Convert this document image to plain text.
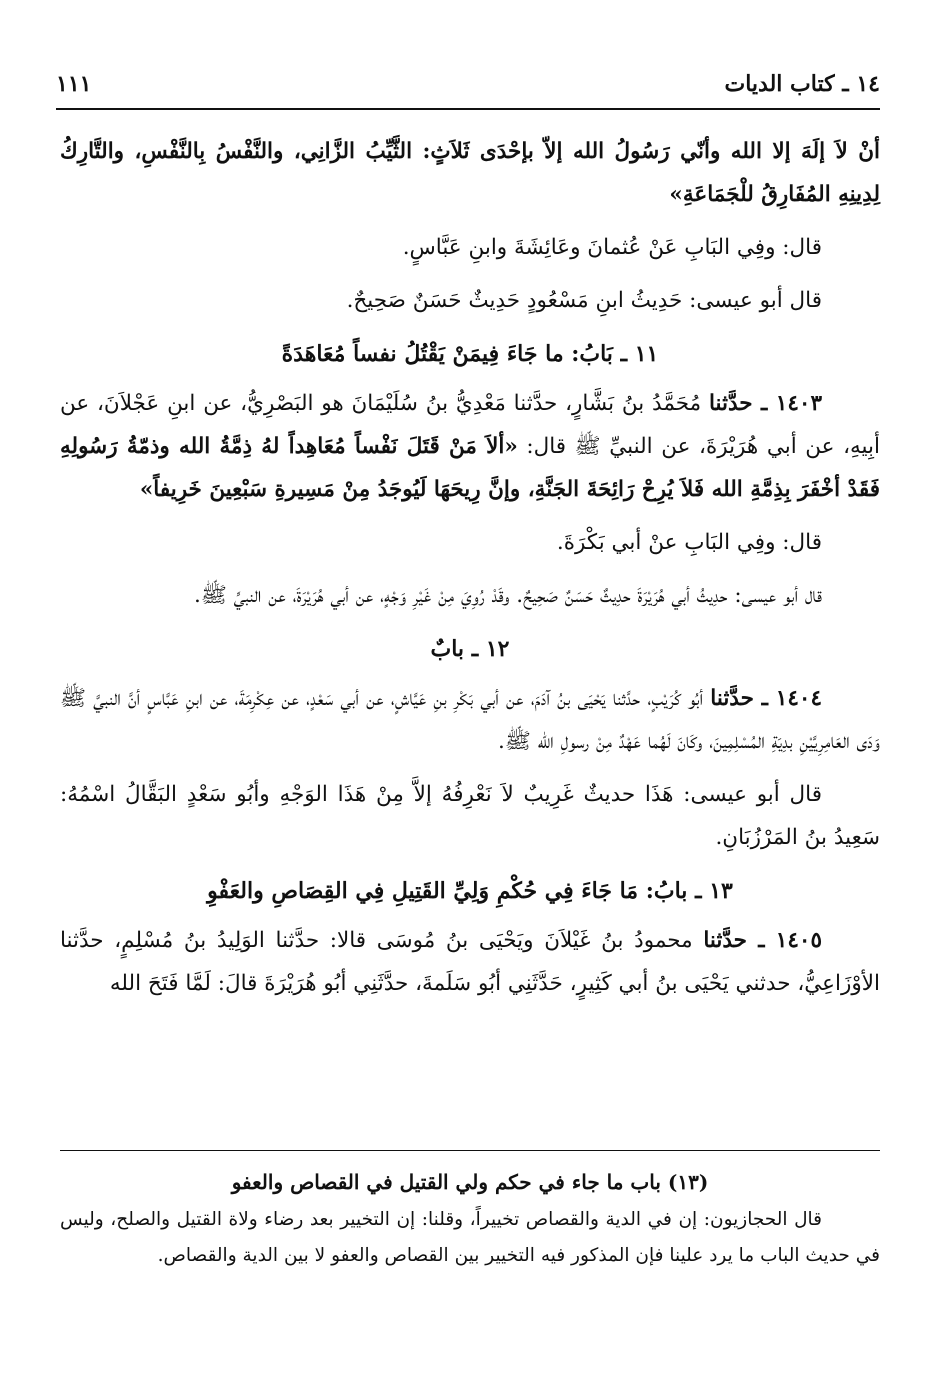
١٤ ـ كتاب الديات
١١١

أنْ لاَ إلَهَ إلا الله وأنّي رَسُولُ الله إلاّ بإحْدَى ثَلاَثٍ: الثَّيِّبُ الزَّانِي، والنَّفْسُ بِالنَّفْسِ، والتَّارِكُ لِدِينِهِ المُفَارِقُ للْجَمَاعَةِ»

قال: وفِي البَابِ عَنْ عُثمانَ وعَائِشَةَ وابنِ عَبَّاسٍ.

قال أبو عيسى: حَدِيثُ ابنِ مَسْعُودٍ حَدِيثٌ حَسَنٌ صَحِيحٌ.

١١ ـ بَابُ: ما جَاءَ فِيمَنْ يَقْتُلُ نفساً مُعَاهَدَةً

١٤٠٣ ـ حدَّثنا مُحَمَّدُ بنُ بَشَّارٍ، حدَّثنا مَعْدِيُّ بنُ سُلَيْمَانَ هو البَصْرِيُّ، عن ابنِ عَجْلاَنَ، عن أبِيهِ، عن أبي هُرَيْرَةَ، عن النبيِّ ﷺ قال: «ألاَ مَنْ قَتَلَ نَفْساً مُعَاهِداً لهُ ذِمَّةُ الله وذمّةُ رَسُولِهِ فَقَدْ أخْفَرَ بِذِمَّةِ الله فَلاَ يُرِحْ رَائِحَةَ الجَنَّةِ، وإنَّ رِيحَهَا لَيُوجَدُ مِنْ مَسِيرةِ سَبْعِينَ خَرِيفاً»

قال: وفِي البَابِ عنْ أبي بَكْرَةَ.

قال أبو عيسى: حدِيثُ أبي هُرَيْرَةَ حدِيثٌ حَسَنٌ صَحِيحٌ. وقَدْ رُوِيَ مِنْ غَيْرِ وَجْهٍ، عن أبي هُرَيْرَةَ، عن النبيِّ ﷺ.

١٢ ـ بابٌ

١٤٠٤ ـ حدَّثنا أبُو كُرَيْبٍ، حدَّثنا يَحْيَى بنُ آدَمَ، عن أبي بَكْرِ بنِ عَيَّاشٍ، عن أبي سَعْدٍ، عن عِكْرِمَةَ، عن ابنِ عَبَّاسٍ أنَّ النبيَّ ﷺ وَدَى العَامِرِيَّيْنِ بدِيَةِ المُسْلِمِينَ، وكَانَ لَهُما عَهْدٌ مِنْ رسولِ الله ﷺ.

قال أبو عيسى: هَذَا حديثٌ غَرِيبٌ لاَ نَعْرِفُهُ إلاَّ مِنْ هَذَا الوَجْهِ وأبُو سَعْدٍ البَقَّالُ اسْمُهُ: سَعِيدُ بنُ المَرْزُبَانِ.

١٣ ـ بابُ: مَا جَاءَ فِي حُكْمِ وَلِيِّ القَتِيلِ فِي القِصَاصِ والعَفْوِ

١٤٠٥ ـ حدَّثنا محمودُ بنُ غَيْلاَنَ ويَحْيَى بنُ مُوسَى قالا: حدَّثنا الوَلِيدُ بنُ مُسْلِمٍ، حدَّثنا الأوْزَاعِيُّ، حدثني يَحْيَى بنُ أبي كَثِيرٍ، حَدَّثَنِي أبُو سَلَمةَ، حدَّثَنِي أبُو هُرَيْرَةَ قالَ: لَمَّا فَتَحَ الله

(١٣) باب ما جاء في حكم ولي القتيل في القصاص والعفو

قال الحجازيون: إن في الدية والقصاص تخييراً، وقلنا: إن التخيير بعد رضاء ولاة القتيل والصلح، وليس في حديث الباب ما يرد علينا فإن المذكور فيه التخيير بين القصاص والعفو لا بين الدية والقصاص.
